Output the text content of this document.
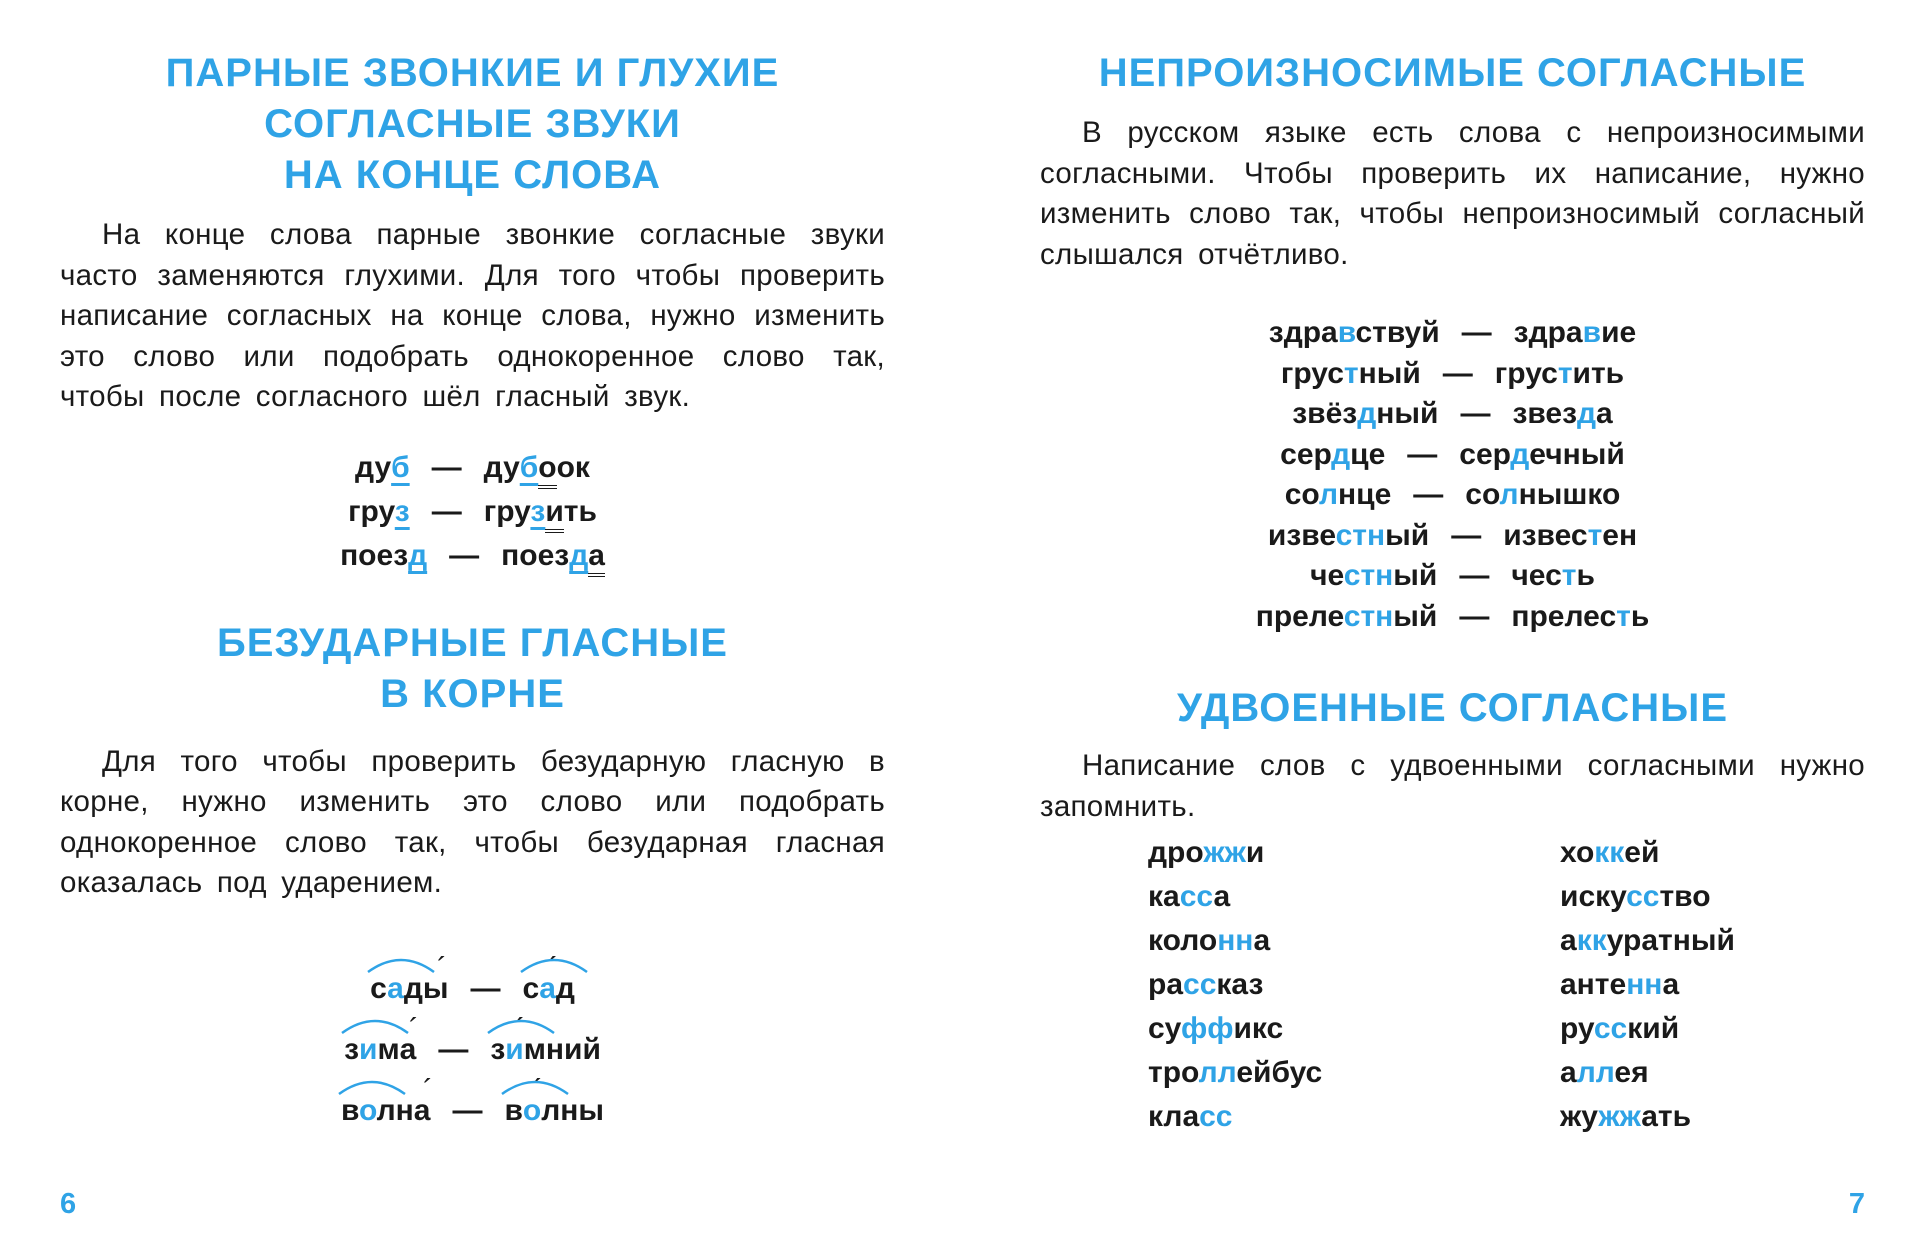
ПАРНЫЕ ЗВОНКИЕ И ГЛУХИЕ

СОГЛАСНЫЕ ЗВУКИ

НА КОНЦЕ СЛОВА

На конце слова парные звонкие согласные звуки часто заменяются глухими. Для того чтобы проверить написание согласных на конце слова, нужно изменить это слово или подобрать однокоренное слово так, чтобы после согласного шёл гласный звук.

дуб — дубоок

груз — грузить

поезд — поезда

БЕЗУДАРНЫЕ ГЛАСНЫЕ

В КОРНЕ

Для того чтобы проверить безударную гласную в корне, нужно изменить это слово или подобрать однокоренное слово так, чтобы безударная гласная оказалась под ударением.

сад
´ ы — с´ ад

зим
´ а — з´ имний

волн
´ а — в´ олны

6

НЕПРОИЗНОСИМЫЕ СОГЛАСНЫЕ

В русском языке есть слова с непроизносимыми согласными. Чтобы проверить их написание, нужно изменить слово так, чтобы непроизносимый согласный слышался отчётливо.

здравствуй — здравие

грустный — грустить

звёздный — звезда

сердце — сердечный

солнце — солнышко

известный — известен

честный — честь

прелестный — прелесть

УДВОЕННЫЕ СОГЛАСНЫЕ

Написание слов с удвоенными согласными нужно запомнить.

дрожжи
касса
колонна
рассказ
суффикс
троллейбус
класс
хоккей
искусство
аккуратный
антенна
русский
аллея
жужжать
7
